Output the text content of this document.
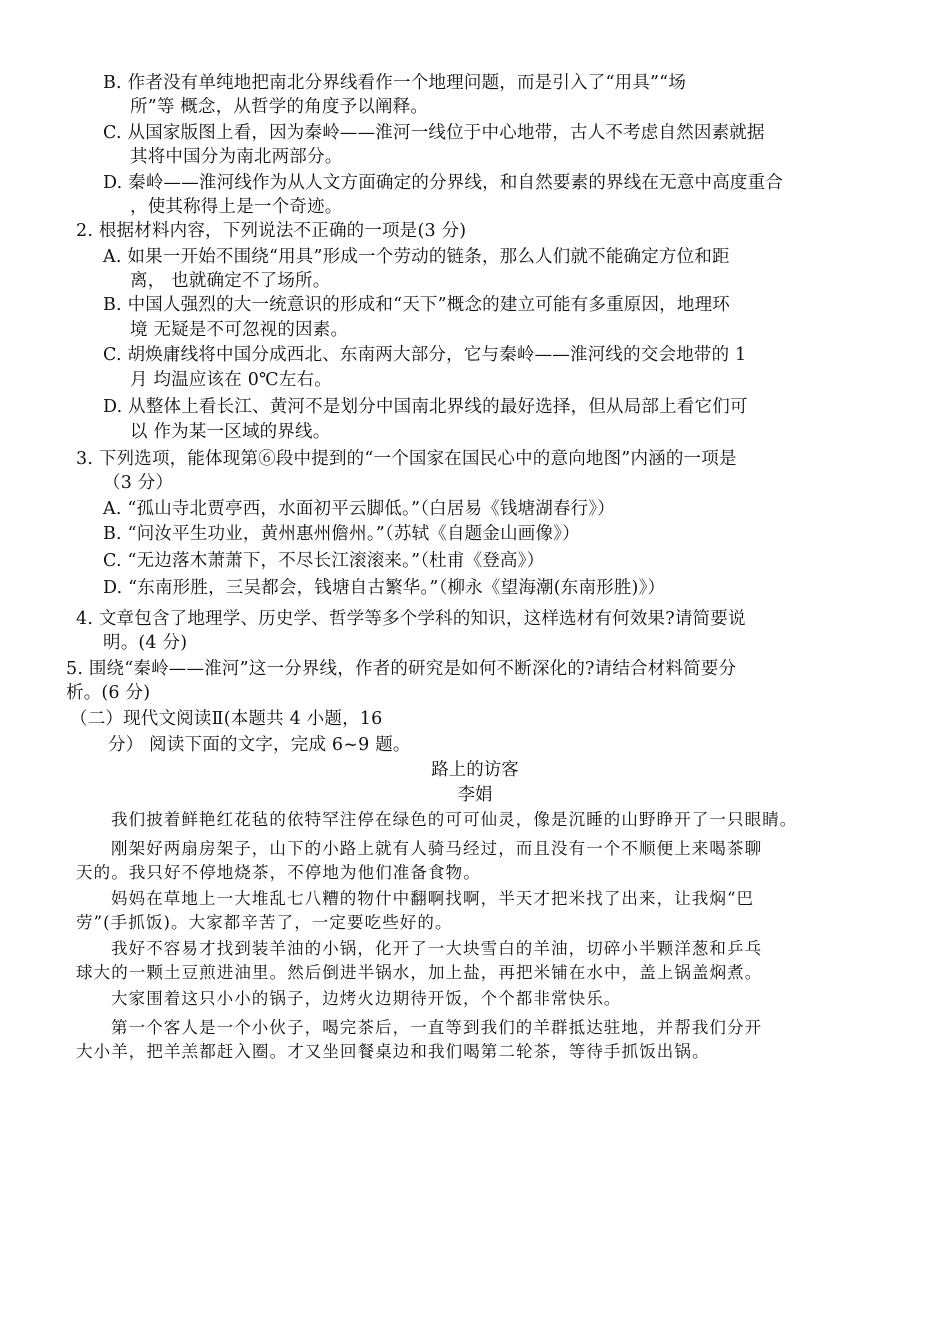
B. 作者没有单纯地把南北分界线看作一个地理问题，而是引入了“用具”“场
所”等 概念，从哲学的角度予以阐释。
C. 从国家版图上看，因为秦岭——淮河一线位于中心地带，古人不考虑自然因素就据
其将中国分为南北两部分。
D. 秦岭——淮河线作为从人文方面确定的分界线，和自然要素的界线在无意中高度重合
，使其称得上是一个奇迹。
2. 根据材料内容，下列说法不正确的一项是(3 分)
A. 如果一开始不围绕“用具”形成一个劳动的链条，那么人们就不能确定方位和距
离， 也就确定不了场所。
B. 中国人强烈的大一统意识的形成和“天下”概念的建立可能有多重原因，地理环
境 无疑是不可忽视的因素。
C. 胡焕庸线将中国分成西北、东南两大部分，它与秦岭——淮河线的交会地带的 1
月 均温应该在 0℃左右。
D. 从整体上看长江、黄河不是划分中国南北界线的最好选择，但从局部上看它们可
以 作为某一区域的界线。
3. 下列选项，能体现第⑥段中提到的“一个国家在国民心中的意向地图”内涵的一项是
（3 分）
A. “孤山寺北贾亭西，水面初平云脚低。”（白居易《钱塘湖春行》）
B. “问汝平生功业，黄州惠州儋州。”（苏轼《自题金山画像》）
C. “无边落木萧萧下，不尽长江滚滚来。”（杜甫《登高》）
D. “东南形胜，三吴都会，钱塘自古繁华。”（柳永《望海潮(东南形胜)》）
4. 文章包含了地理学、历史学、哲学等多个学科的知识，这样选材有何效果?请简要说
明。(4 分)
5. 围绕“秦岭——淮河”这一分界线，作者的研究是如何不断深化的?请结合材料简要分
析。(6 分)
（二）现代文阅读Ⅱ(本题共 4 小题，16
分） 阅读下面的文字，完成 6~9 题。
路上的访客
李娟
我们披着鲜艳红花毡的依特罕注停在绿色的可可仙灵，像是沉睡的山野睁开了一只眼睛。
刚架好两扇房架子，山下的小路上就有人骑马经过，而且没有一个不顺便上来喝茶聊
天的。我只好不停地烧茶，不停地为他们准备食物。
妈妈在草地上一大堆乱七八糟的物什中翻啊找啊，半天才把米找了出来，让我焖“巴
劳”(手抓饭)。大家都辛苦了，一定要吃些好的。
我好不容易才找到装羊油的小锅，化开了一大块雪白的羊油，切碎小半颗洋葱和乒乓
球大的一颗土豆煎进油里。然后倒进半锅水，加上盐，再把米铺在水中，盖上锅盖焖煮。
大家围着这只小小的锅子，边烤火边期待开饭，个个都非常快乐。
第一个客人是一个小伙子，喝完茶后，一直等到我们的羊群抵达驻地，并帮我们分开
大小羊，把羊羔都赶入圈。才又坐回餐桌边和我们喝第二轮茶，等待手抓饭出锅。
